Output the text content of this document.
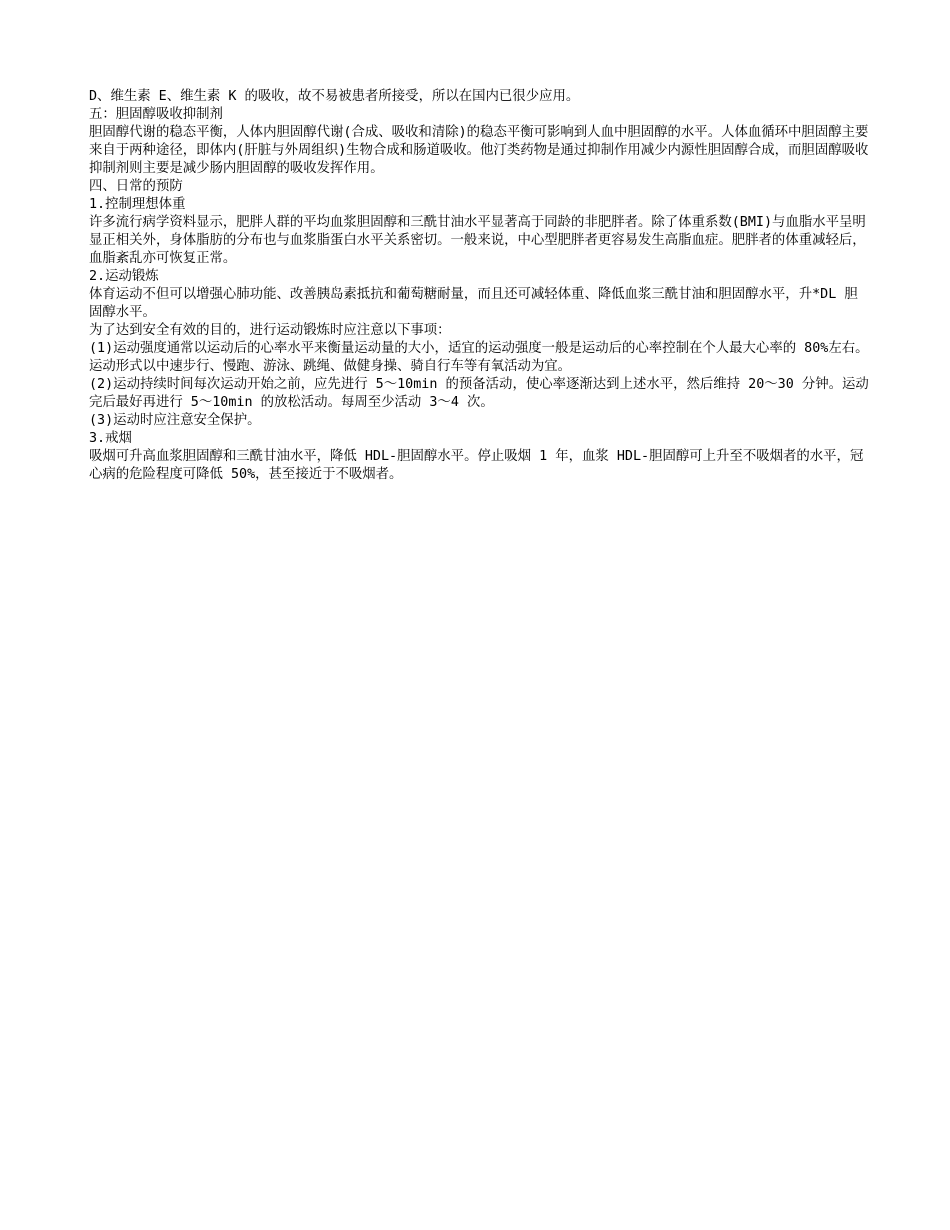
D、维生素 E、维生素 K 的吸收，故不易被患者所接受，所以在国内已很少应用。

五：胆固醇吸收抑制剂

胆固醇代谢的稳态平衡，人体内胆固醇代谢(合成、吸收和清除)的稳态平衡可影响到人血中胆固醇的水平。人体血循环中胆固醇主要来自于两种途径，即体内(肝脏与外周组织)生物合成和肠道吸收。他汀类药物是通过抑制作用减少内源性胆固醇合成，而胆固醇吸收抑制剂则主要是减少肠内胆固醇的吸收发挥作用。

四、日常的预防

1.控制理想体重

许多流行病学资料显示，肥胖人群的平均血浆胆固醇和三酰甘油水平显著高于同龄的非肥胖者。除了体重系数(BMI)与血脂水平呈明显正相关外，身体脂肪的分布也与血浆脂蛋白水平关系密切。一般来说，中心型肥胖者更容易发生高脂血症。肥胖者的体重减轻后，血脂紊乱亦可恢复正常。

2.运动锻炼

体育运动不但可以增强心肺功能、改善胰岛素抵抗和葡萄糖耐量，而且还可减轻体重、降低血浆三酰甘油和胆固醇水平，升*DL 胆固醇水平。

为了达到安全有效的目的，进行运动锻炼时应注意以下事项：

(1)运动强度通常以运动后的心率水平来衡量运动量的大小，适宜的运动强度一般是运动后的心率控制在个人最大心率的 80%左右。运动形式以中速步行、慢跑、游泳、跳绳、做健身操、骑自行车等有氧活动为宜。

(2)运动持续时间每次运动开始之前，应先进行 5～10min 的预备活动，使心率逐渐达到上述水平，然后维持 20～30 分钟。运动完后最好再进行 5～10min 的放松活动。每周至少活动 3～4 次。

(3)运动时应注意安全保护。

3.戒烟

吸烟可升高血浆胆固醇和三酰甘油水平，降低 HDL-胆固醇水平。停止吸烟 1 年，血浆 HDL-胆固醇可上升至不吸烟者的水平，冠心病的危险程度可降低 50%，甚至接近于不吸烟者。
